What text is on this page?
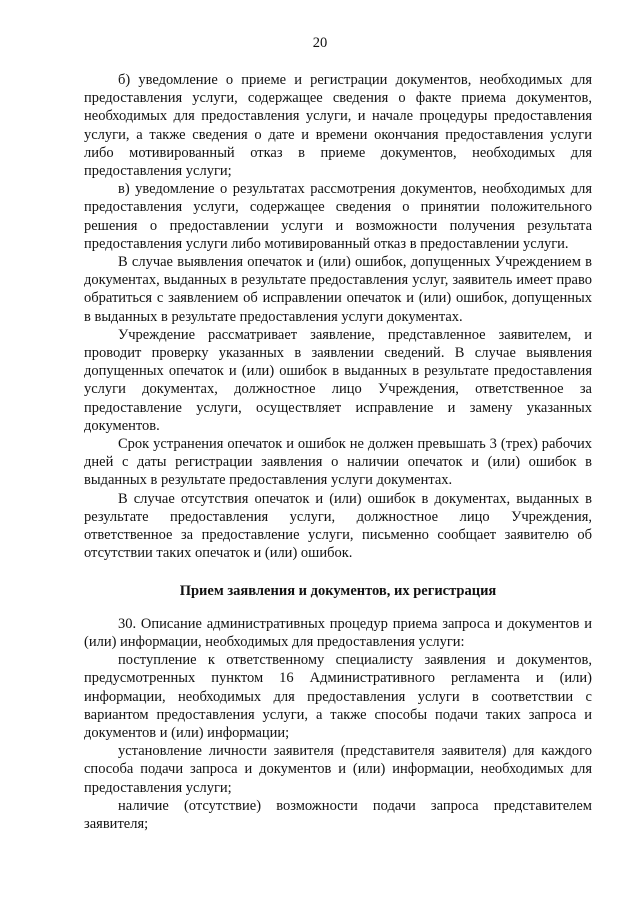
20

б) уведомление о приеме и регистрации документов, необходимых для предоставления услуги, содержащее сведения о факте приема документов, необходимых для предоставления услуги, и начале процедуры предоставления услуги, а также сведения о дате и времени окончания предоставления услуги либо мотивированный отказ в приеме документов, необходимых для предоставления услуги;

в) уведомление о результатах рассмотрения документов, необходимых для предоставления услуги, содержащее сведения о принятии положительного решения о предоставлении услуги и возможности получения результата предоставления услуги либо мотивированный отказ в предоставлении услуги.

В случае выявления опечаток и (или) ошибок, допущенных Учреждением в документах, выданных в результате предоставления услуг, заявитель имеет право обратиться с заявлением об исправлении опечаток и (или) ошибок, допущенных в выданных в результате предоставления услуги документах.

Учреждение рассматривает заявление, представленное заявителем, и проводит проверку указанных в заявлении сведений. В случае выявления допущенных опечаток и (или) ошибок в выданных в результате предоставления услуги документах, должностное лицо Учреждения, ответственное за предоставление услуги, осуществляет исправление и замену указанных документов.

Срок устранения опечаток и ошибок не должен превышать 3 (трех) рабочих дней с даты регистрации заявления о наличии опечаток и (или) ошибок в выданных в результате предоставления услуги документах.

В случае отсутствия опечаток и (или) ошибок в документах, выданных в результате предоставления услуги, должностное лицо Учреждения, ответственное за предоставление услуги, письменно сообщает заявителю об отсутствии таких опечаток и (или) ошибок.

Прием заявления и документов, их регистрация

30. Описание административных процедур приема запроса и документов и (или) информации, необходимых для предоставления услуги:

поступление к ответственному специалисту заявления и документов, предусмотренных пунктом 16 Административного регламента и (или) информации, необходимых для предоставления услуги в соответствии с вариантом предоставления услуги, а также способы подачи таких запроса и документов и (или) информации;

установление личности заявителя (представителя заявителя) для каждого способа подачи запроса и документов и (или) информации, необходимых для предоставления услуги;

наличие (отсутствие) возможности подачи запроса представителем заявителя;
